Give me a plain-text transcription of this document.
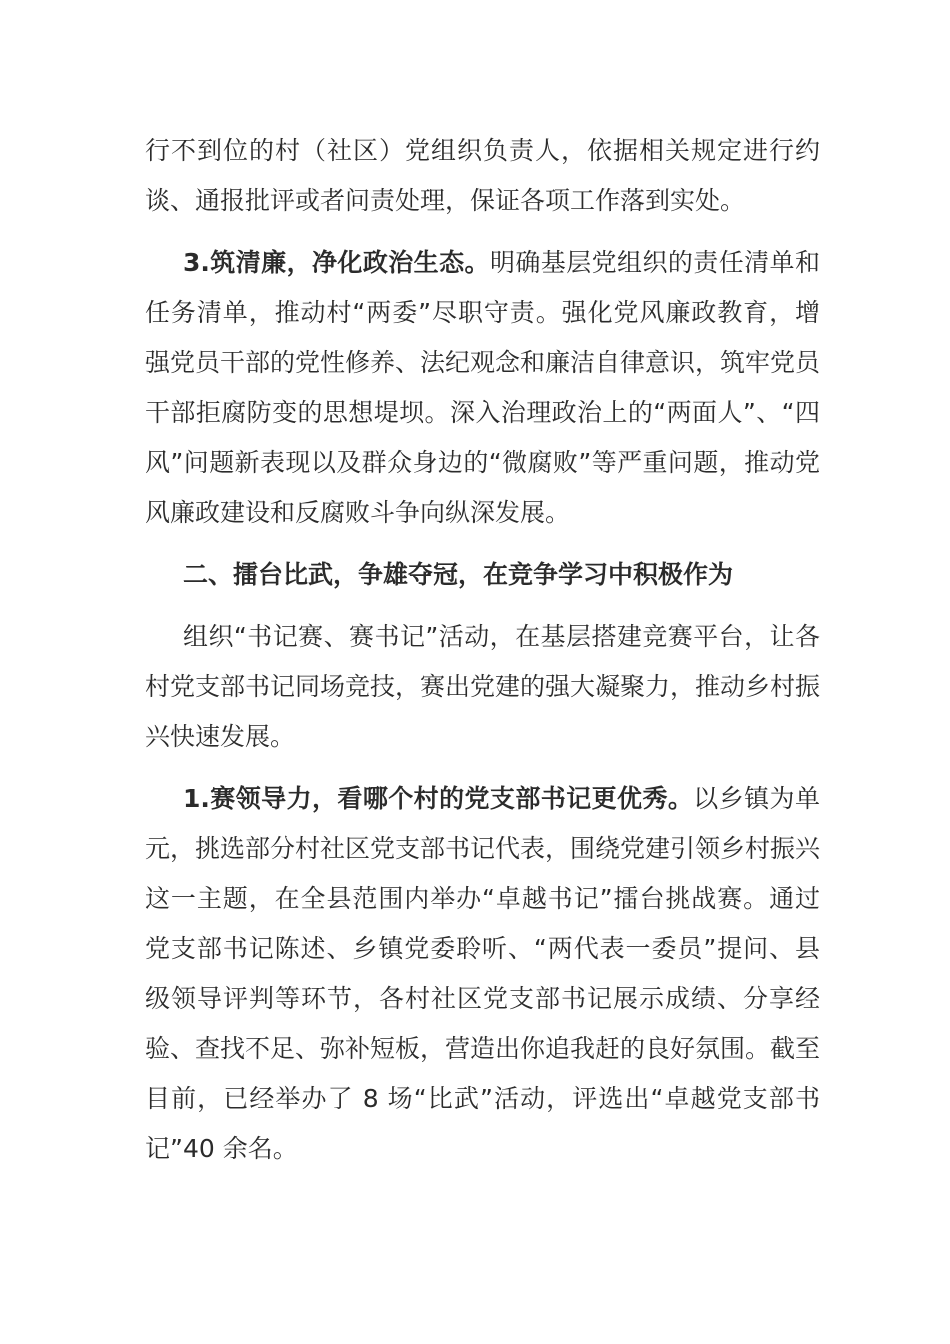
行不到位的村（社区）党组织负责人，依据相关规定进行约谈、通报批评或者问责处理，保证各项工作落到实处。

3.筑清廉，净化政治生态。明确基层党组织的责任清单和任务清单，推动村“两委”尽职守责。强化党风廉政教育，增强党员干部的党性修养、法纪观念和廉洁自律意识，筑牢党员干部拒腐防变的思想堤坝。深入治理政治上的“两面人”、“四风”问题新表现以及群众身边的“微腐败”等严重问题，推动党风廉政建设和反腐败斗争向纵深发展。

二、擂台比武，争雄夺冠，在竞争学习中积极作为

组织“书记赛、赛书记”活动，在基层搭建竞赛平台，让各村党支部书记同场竞技，赛出党建的强大凝聚力，推动乡村振兴快速发展。

1.赛领导力，看哪个村的党支部书记更优秀。以乡镇为单元，挑选部分村社区党支部书记代表，围绕党建引领乡村振兴这一主题，在全县范围内举办“卓越书记”擂台挑战赛。通过党支部书记陈述、乡镇党委聆听、“两代表一委员”提问、县级领导评判等环节，各村社区党支部书记展示成绩、分享经验、查找不足、弥补短板，营造出你追我赶的良好氛围。截至目前，已经举办了 8 场“比武”活动，评选出“卓越党支部书记”40 余名。
